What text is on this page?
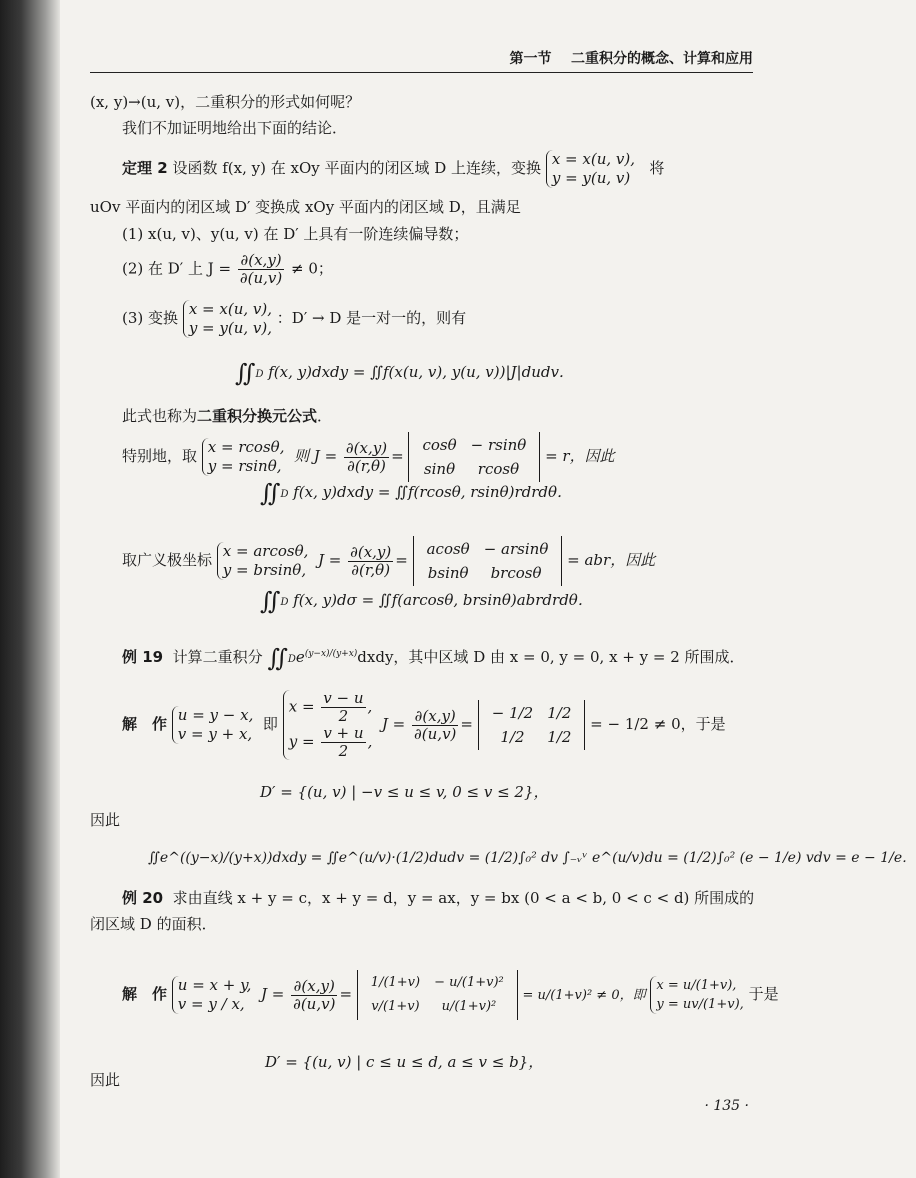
第一节 二重积分的概念、计算和应用
(x, y)→(u, v)，二重积分的形式如何呢？
我们不加证明地给出下面的结论．
定理 2 设函数 f(x, y) 在 xOy 平面内的闭区域 D 上连续，变换 x = x(u, v),
y = y(u, v)   将
uOv 平面内的闭区域 D′ 变换成 xOy 平面内的闭区域 D，且满足
(1) x(u, v)、y(u, v) 在 D′ 上具有一阶连续偏导数；
(2) 在 D′ 上 $J = \frac{\partial(x,y)}{\partial(u,v)} \ne 0$；
(3) 变换 x = x(u, v),
y = y(u, v), ：D′ → D 是一对一的，则有
∬D f(x, y)dxdy = ∬f(x(u, v), y(u, v))|J|dudv．
此式也称为二重积分换元公式．
特别地，取 x = rcosθ,
y = rsinθ,  则 $J = \frac{\partial(x,y)}{\partial(r,\theta)}$ =
cosθ	− rsinθ
sinθ	rcosθ
= r，因此
∬D f(x, y)dxdy = ∬f(rcosθ, rsinθ)rdrdθ．
取广义极坐标 x = arcosθ,
y = brsinθ,  $J = \frac{\partial(x,y)}{\partial(r,\theta)}$ =
acosθ	− arsinθ
bsinθ	brcosθ
= abr，因此
∬D f(x, y)dσ = ∬f(arcosθ, brsinθ)abrdrdθ．
例 19 计算二重积分 $∬De^{(y-x)/(y+x)}dxdy$，其中区域 D 由 x = 0, y = 0, x + y = 2 所围成．
解　作 u = y − x,
v = y + x,  即 $x = \frac{v - u}{2}$ ,
$y = \frac{v + u}{2}$ ,  $J = \frac{\partial(x,y)}{\partial(u,v)}$ =
− 1/2	1/2
1/2	1/2
= − 1/2 ≠ 0，于是
D′ = {(u, v) | −v ≤ u ≤ v, 0 ≤ v ≤ 2}，
因此
∬e^((y−x)/(y+x))dxdy = ∬e^(u/v)·(1/2)dudv = (1/2)∫₀² dv ∫₋ᵥᵛ e^(u/v)du = (1/2)∫₀² (e − 1/e) vdv = e − 1/e．
例 20 求由直线 x + y = c，x + y = d，y = ax，y = bx (0 < a < b, 0 < c < d) 所围成的
闭区域 D 的面积．
解　作 u = x + y,
v = y / x,  $J = \frac{\partial(x,y)}{\partial(u,v)}$ =
1/(1+v)	− u/(1+v)²
v/(1+v)	u/(1+v)²
= u/(1+v)² ≠ 0，即 x = u/(1+v),
y = uv/(1+v), 于是
D′ = {(u, v) | c ≤ u ≤ d, a ≤ v ≤ b}，
因此
· 135 ·
